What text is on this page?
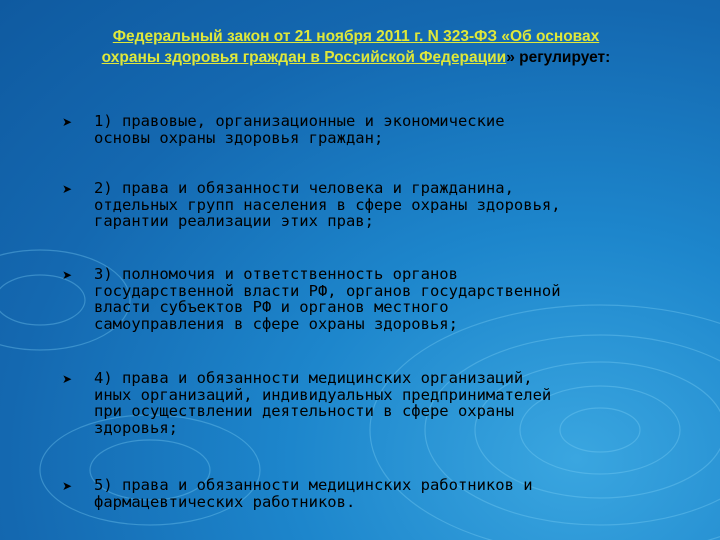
Федеральный закон от 21 ноября 2011 г. N 323-ФЗ «Об основах охраны здоровья граждан в Российской Федерации» регулирует:
➤ 1) правовые, организационные и экономические
основы охраны здоровья граждан;
➤ 2) права и обязанности человека и гражданина,
отдельных групп населения в сфере охраны здоровья,
гарантии реализации этих прав;
➤ 3) полномочия и ответственность органов
государственной власти РФ, органов государственной
власти субъектов РФ и органов местного
самоуправления в сфере охраны здоровья;
➤ 4) права и обязанности медицинских организаций,
иных организаций, индивидуальных предпринимателей
при осуществлении деятельности в сфере охраны
здоровья;
➤ 5) права и обязанности медицинских работников и
фармацевтических работников.
